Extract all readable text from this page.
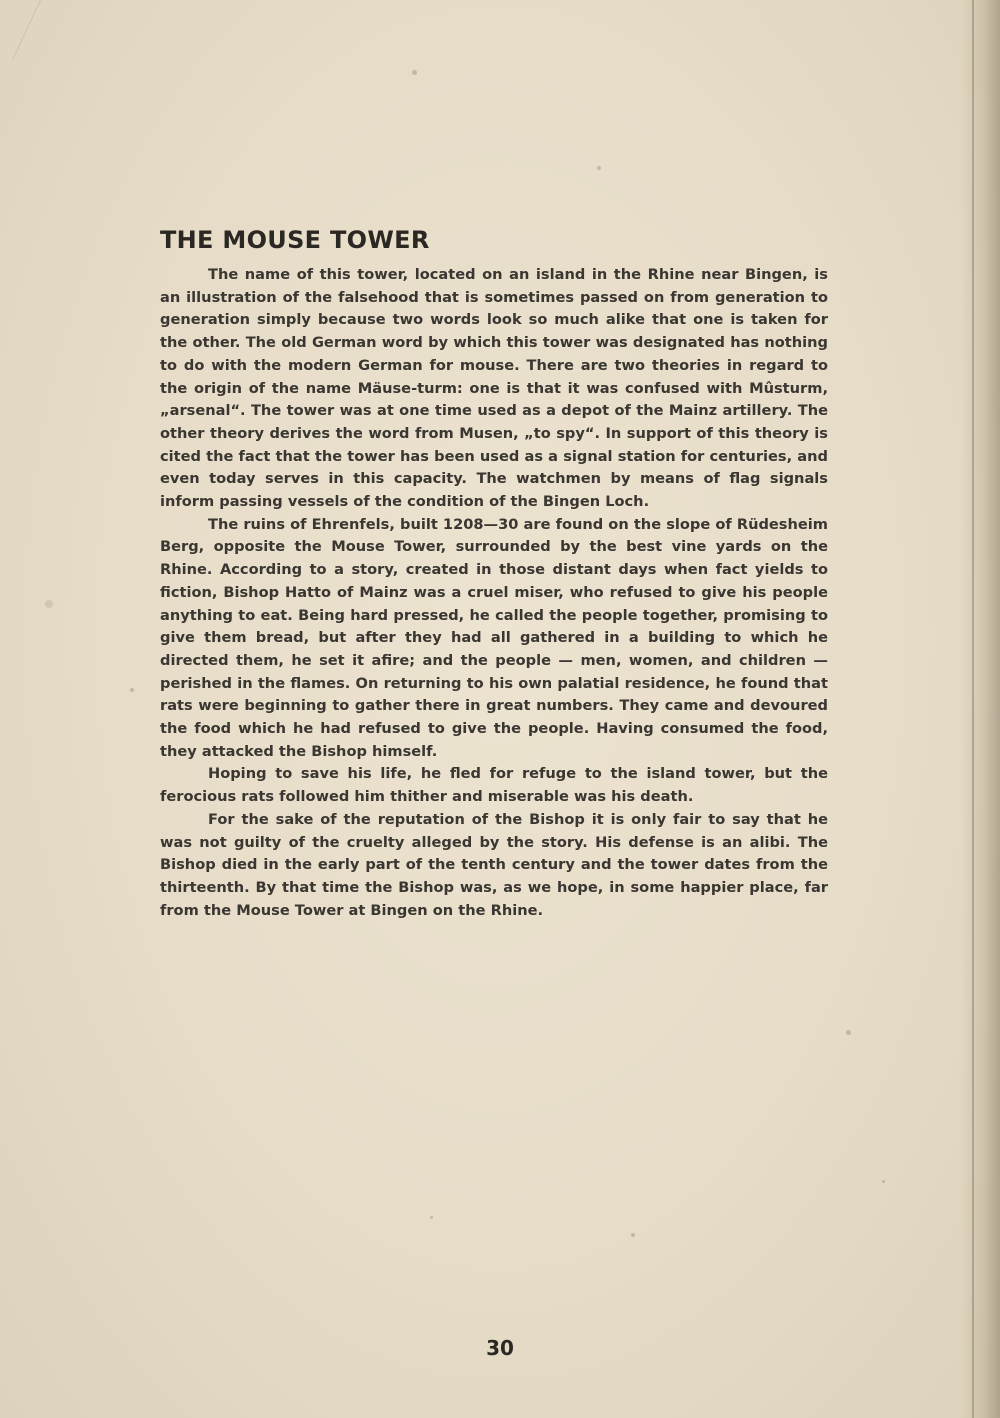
THE MOUSE TOWER

The name of this tower, located on an island in the Rhine near Bingen, is an illustration of the falsehood that is sometimes passed on from generation to generation simply because two words look so much alike that one is taken for the other. The old German word by which this tower was designated has nothing to do with the modern German for mouse. There are two theories in regard to the origin of the name Mäuse-turm: one is that it was confused with Mûsturm, „arsenal“. The tower was at one time used as a depot of the Mainz artillery. The other theory derives the word from Musen, „to spy“. In support of this theory is cited the fact that the tower has been used as a signal station for centuries, and even today serves in this capacity. The watchmen by means of flag signals inform passing vessels of the condition of the Bingen Loch.

The ruins of Ehrenfels, built 1208—30 are found on the slope of Rüdesheim Berg, opposite the Mouse Tower, surrounded by the best vine yards on the Rhine. According to a story, created in those distant days when fact yields to fiction, Bishop Hatto of Mainz was a cruel miser, who refused to give his people anything to eat. Being hard pressed, he called the people together, promising to give them bread, but after they had all gathered in a building to which he directed them, he set it afire; and the people — men, women, and children — perished in the flames. On returning to his own palatial residence, he found that rats were beginning to gather there in great numbers. They came and devoured the food which he had refused to give the people. Having consumed the food, they attacked the Bishop himself.

Hoping to save his life, he fled for refuge to the island tower, but the ferocious rats followed him thither and miserable was his death.

For the sake of the reputation of the Bishop it is only fair to say that he was not guilty of the cruelty alleged by the story. His defense is an alibi. The Bishop died in the early part of the tenth century and the tower dates from the thirteenth. By that time the Bishop was, as we hope, in some happier place, far from the Mouse Tower at Bingen on the Rhine.

30
